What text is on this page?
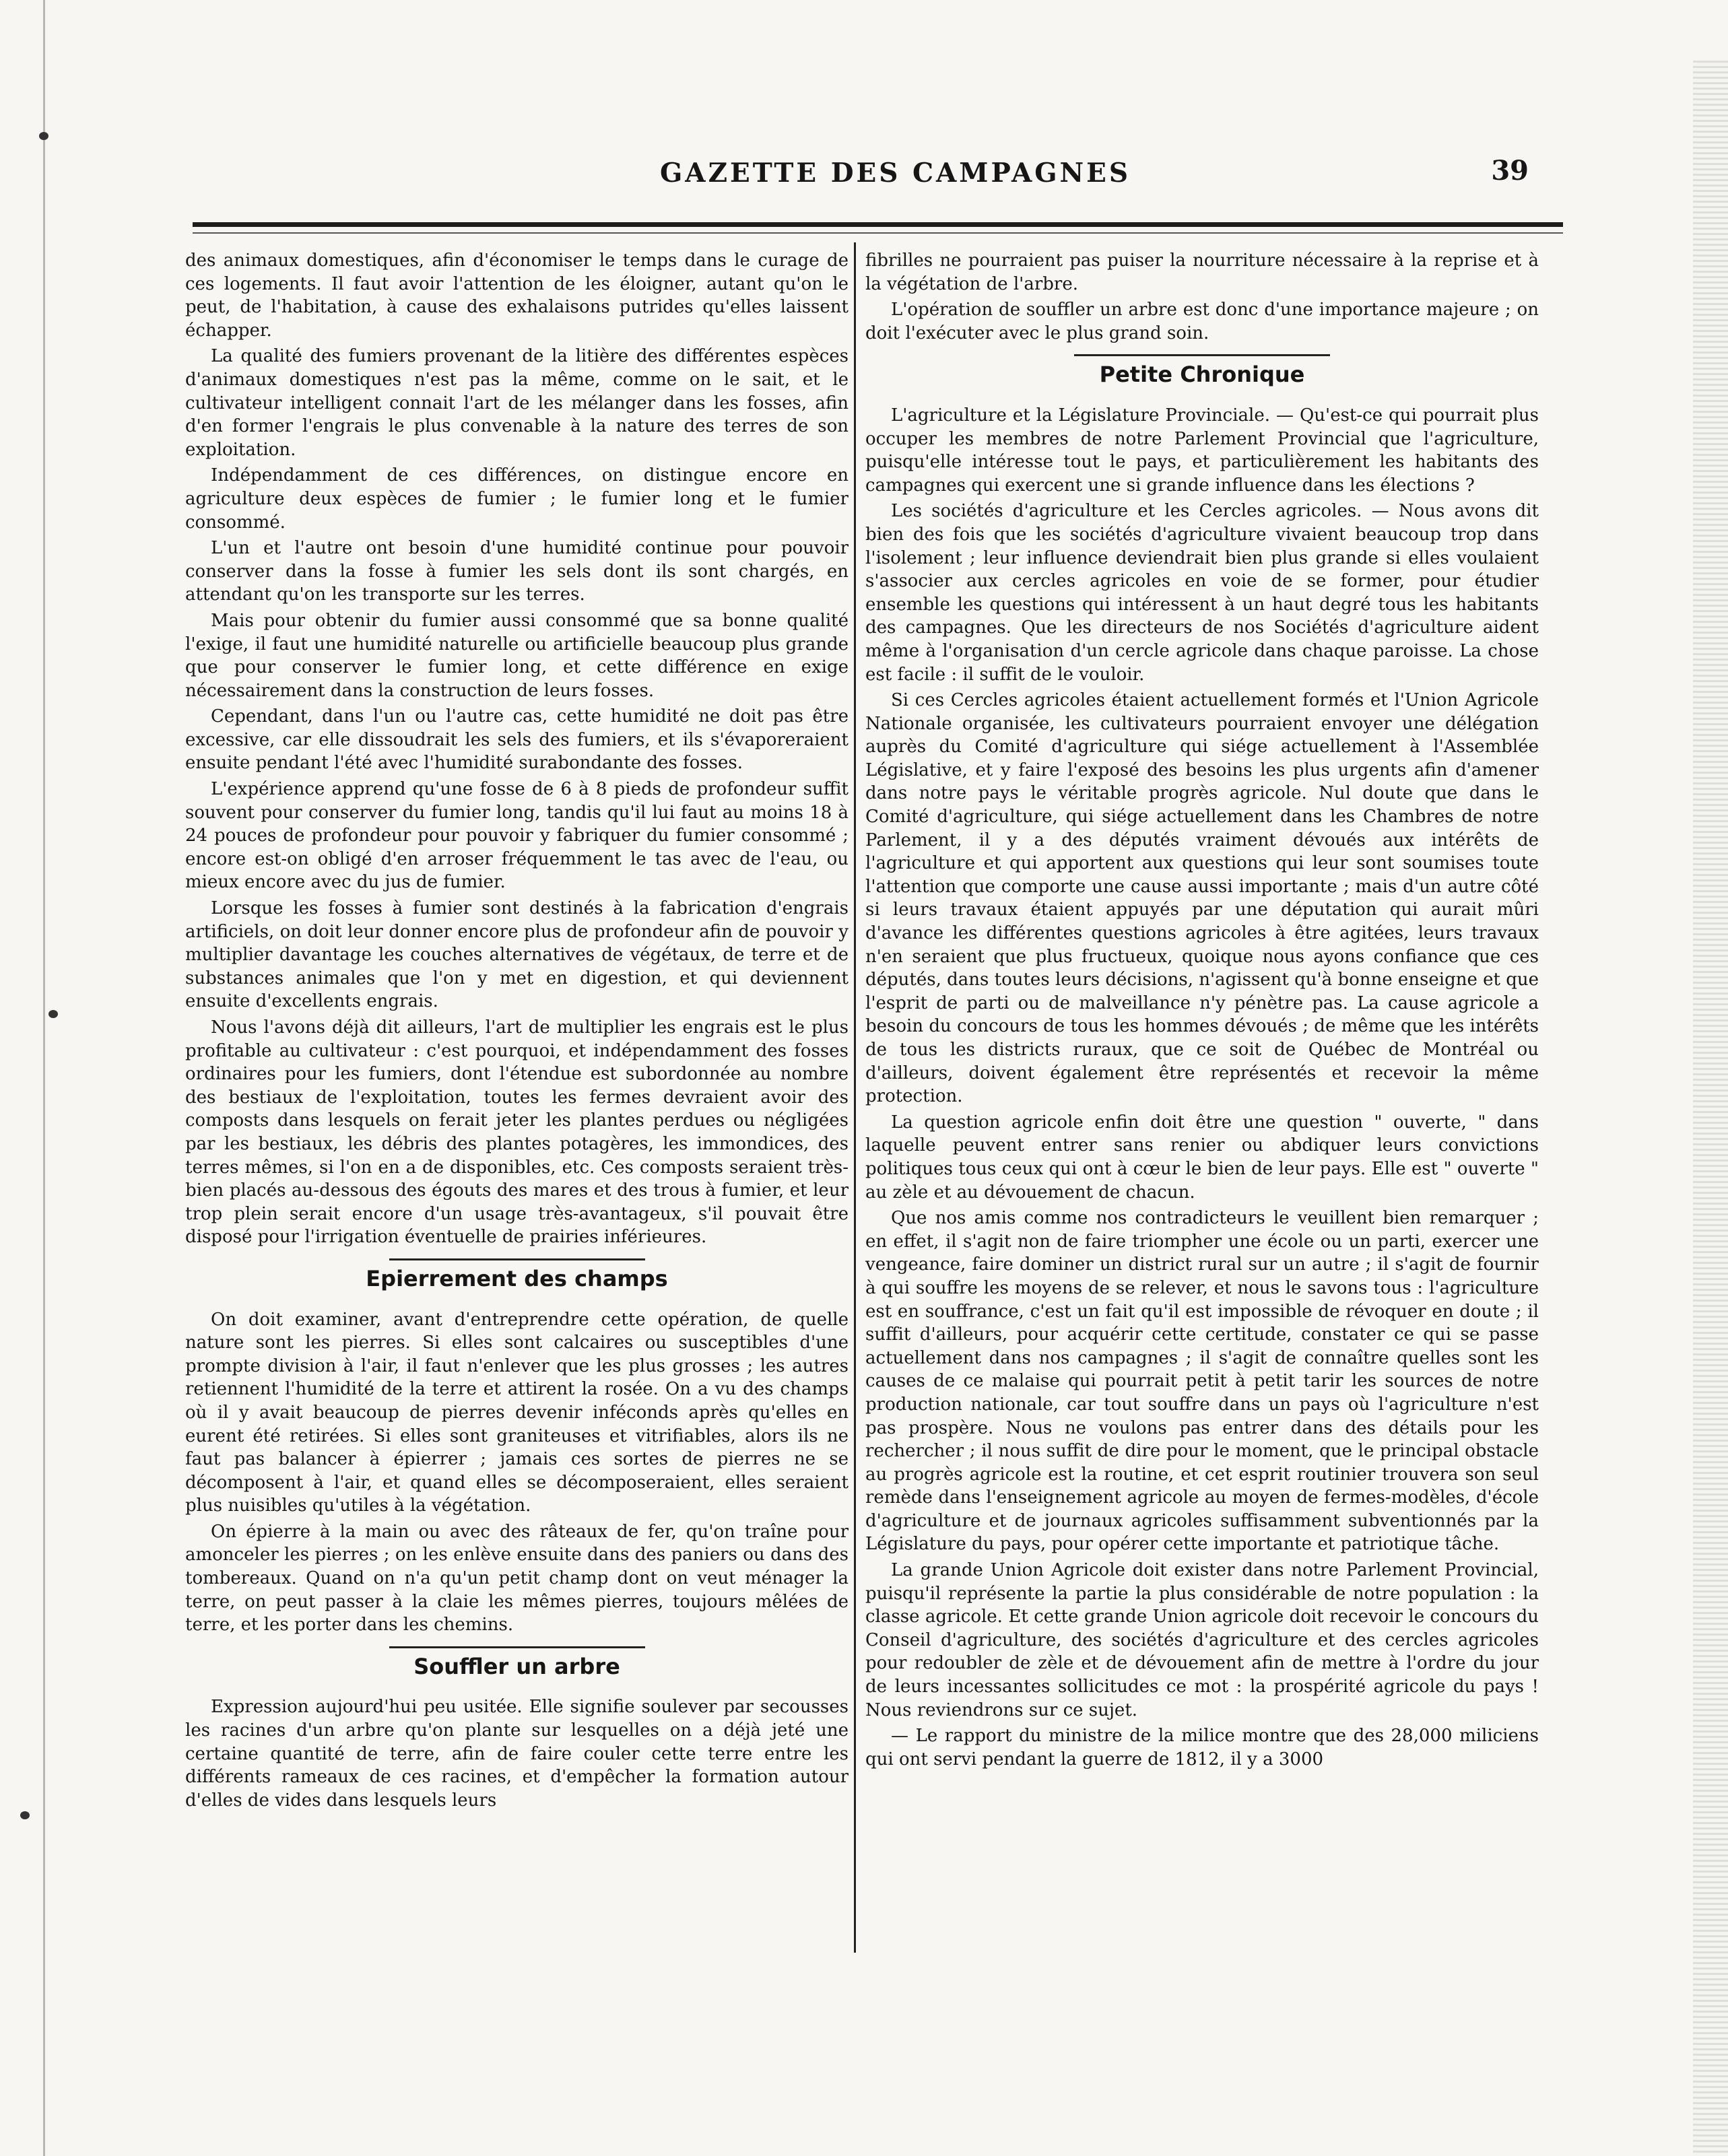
GAZETTE DES CAMPAGNES	39

des animaux domestiques, afin d'économiser le temps dans le curage de ces logements. Il faut avoir l'attention de les éloigner, autant qu'on le peut, de l'habitation, à cause des exhalaisons putrides qu'elles laissent échapper.

La qualité des fumiers provenant de la litière des différentes espèces d'animaux domestiques n'est pas la même, comme on le sait, et le cultivateur intelligent connait l'art de les mélanger dans les fosses, afin d'en former l'engrais le plus convenable à la nature des terres de son exploitation.

Indépendamment de ces différences, on distingue encore en agriculture deux espèces de fumier ; le fumier long et le fumier consommé.

L'un et l'autre ont besoin d'une humidité continue pour pouvoir conserver dans la fosse à fumier les sels dont ils sont chargés, en attendant qu'on les transporte sur les terres.

Mais pour obtenir du fumier aussi consommé que sa bonne qualité l'exige, il faut une humidité naturelle ou artificielle beaucoup plus grande que pour conserver le fumier long, et cette différence en exige nécessairement dans la construction de leurs fosses.

Cependant, dans l'un ou l'autre cas, cette humidité ne doit pas être excessive, car elle dissoudrait les sels des fumiers, et ils s'évaporeraient ensuite pendant l'été avec l'humidité surabondante des fosses.

L'expérience apprend qu'une fosse de 6 à 8 pieds de profondeur suffit souvent pour conserver du fumier long, tandis qu'il lui faut au moins 18 à 24 pouces de profondeur pour pouvoir y fabriquer du fumier consommé ; encore est-on obligé d'en arroser fréquemment le tas avec de l'eau, ou mieux encore avec du jus de fumier.

Lorsque les fosses à fumier sont destinés à la fabrication d'engrais artificiels, on doit leur donner encore plus de profondeur afin de pouvoir y multiplier davantage les couches alternatives de végétaux, de terre et de substances animales que l'on y met en digestion, et qui deviennent ensuite d'excellents engrais.

Nous l'avons déjà dit ailleurs, l'art de multiplier les engrais est le plus profitable au cultivateur : c'est pourquoi, et indépendamment des fosses ordinaires pour les fumiers, dont l'étendue est subordonnée au nombre des bestiaux de l'exploitation, toutes les fermes devraient avoir des composts dans lesquels on ferait jeter les plantes perdues ou négligées par les bestiaux, les débris des plantes potagères, les immondices, des terres mêmes, si l'on en a de disponibles, etc. Ces composts seraient très-bien placés au-dessous des égouts des mares et des trous à fumier, et leur trop plein serait encore d'un usage très-avantageux, s'il pouvait être disposé pour l'irrigation éventuelle de prairies inférieures.

Epierrement des champs

On doit examiner, avant d'entreprendre cette opération, de quelle nature sont les pierres. Si elles sont calcaires ou susceptibles d'une prompte division à l'air, il faut n'enlever que les plus grosses ; les autres retiennent l'humidité de la terre et attirent la rosée. On a vu des champs où il y avait beaucoup de pierres devenir inféconds après qu'elles en eurent été retirées. Si elles sont graniteuses et vitrifiables, alors ils ne faut pas balancer à épierrer ; jamais ces sortes de pierres ne se décomposent à l'air, et quand elles se décomposeraient, elles seraient plus nuisibles qu'utiles à la végétation.

On épierre à la main ou avec des râteaux de fer, qu'on traîne pour amonceler les pierres ; on les enlève ensuite dans des paniers ou dans des tombereaux. Quand on n'a qu'un petit champ dont on veut ménager la terre, on peut passer à la claie les mêmes pierres, toujours mêlées de terre, et les porter dans les chemins.

Souffler un arbre

Expression aujourd'hui peu usitée. Elle signifie soulever par secousses les racines d'un arbre qu'on plante sur lesquelles on a déjà jeté une certaine quantité de terre, afin de faire couler cette terre entre les différents rameaux de ces racines, et d'empêcher la formation autour d'elles de vides dans lesquels leurs

fibrilles ne pourraient pas puiser la nourriture nécessaire à la reprise et à la végétation de l'arbre.

L'opération de souffler un arbre est donc d'une importance majeure ; on doit l'exécuter avec le plus grand soin.

Petite Chronique

L'agriculture et la Législature Provinciale. — Qu'est-ce qui pourrait plus occuper les membres de notre Parlement Provincial que l'agriculture, puisqu'elle intéresse tout le pays, et particulièrement les habitants des campagnes qui exercent une si grande influence dans les élections ?

Les sociétés d'agriculture et les Cercles agricoles. — Nous avons dit bien des fois que les sociétés d'agriculture vivaient beaucoup trop dans l'isolement ; leur influence deviendrait bien plus grande si elles voulaient s'associer aux cercles agricoles en voie de se former, pour étudier ensemble les questions qui intéressent à un haut degré tous les habitants des campagnes. Que les directeurs de nos Sociétés d'agriculture aident même à l'organisation d'un cercle agricole dans chaque paroisse. La chose est facile : il suffit de le vouloir.

Si ces Cercles agricoles étaient actuellement formés et l'Union Agricole Nationale organisée, les cultivateurs pourraient envoyer une délégation auprès du Comité d'agriculture qui siége actuellement à l'Assemblée Législative, et y faire l'exposé des besoins les plus urgents afin d'amener dans notre pays le véritable progrès agricole. Nul doute que dans le Comité d'agriculture, qui siége actuellement dans les Chambres de notre Parlement, il y a des députés vraiment dévoués aux intérêts de l'agriculture et qui apportent aux questions qui leur sont soumises toute l'attention que comporte une cause aussi importante ; mais d'un autre côté si leurs travaux étaient appuyés par une députation qui aurait mûri d'avance les différentes questions agricoles à être agitées, leurs travaux n'en seraient que plus fructueux, quoique nous ayons confiance que ces députés, dans toutes leurs décisions, n'agissent qu'à bonne enseigne et que l'esprit de parti ou de malveillance n'y pénètre pas. La cause agricole a besoin du concours de tous les hommes dévoués ; de même que les intérêts de tous les districts ruraux, que ce soit de Québec de Montréal ou d'ailleurs, doivent également être représentés et recevoir la même protection.

La question agricole enfin doit être une question " ouverte, " dans laquelle peuvent entrer sans renier ou abdiquer leurs convictions politiques tous ceux qui ont à cœur le bien de leur pays. Elle est " ouverte " au zèle et au dévouement de chacun.

Que nos amis comme nos contradicteurs le veuillent bien remarquer ; en effet, il s'agit non de faire triompher une école ou un parti, exercer une vengeance, faire dominer un district rural sur un autre ; il s'agit de fournir à qui souffre les moyens de se relever, et nous le savons tous : l'agriculture est en souffrance, c'est un fait qu'il est impossible de révoquer en doute ; il suffit d'ailleurs, pour acquérir cette certitude, constater ce qui se passe actuellement dans nos campagnes ; il s'agit de connaître quelles sont les causes de ce malaise qui pourrait petit à petit tarir les sources de notre production nationale, car tout souffre dans un pays où l'agriculture n'est pas prospère. Nous ne voulons pas entrer dans des détails pour les rechercher ; il nous suffit de dire pour le moment, que le principal obstacle au progrès agricole est la routine, et cet esprit routinier trouvera son seul remède dans l'enseignement agricole au moyen de fermes-modèles, d'école d'agriculture et de journaux agricoles suffisamment subventionnés par la Législature du pays, pour opérer cette importante et patriotique tâche.

La grande Union Agricole doit exister dans notre Parlement Provincial, puisqu'il représente la partie la plus considérable de notre population : la classe agricole. Et cette grande Union agricole doit recevoir le concours du Conseil d'agriculture, des sociétés d'agriculture et des cercles agricoles pour redoubler de zèle et de dévouement afin de mettre à l'ordre du jour de leurs incessantes sollicitudes ce mot : la prospérité agricole du pays ! Nous reviendrons sur ce sujet.

— Le rapport du ministre de la milice montre que des 28,000 miliciens qui ont servi pendant la guerre de 1812, il y a 3000
